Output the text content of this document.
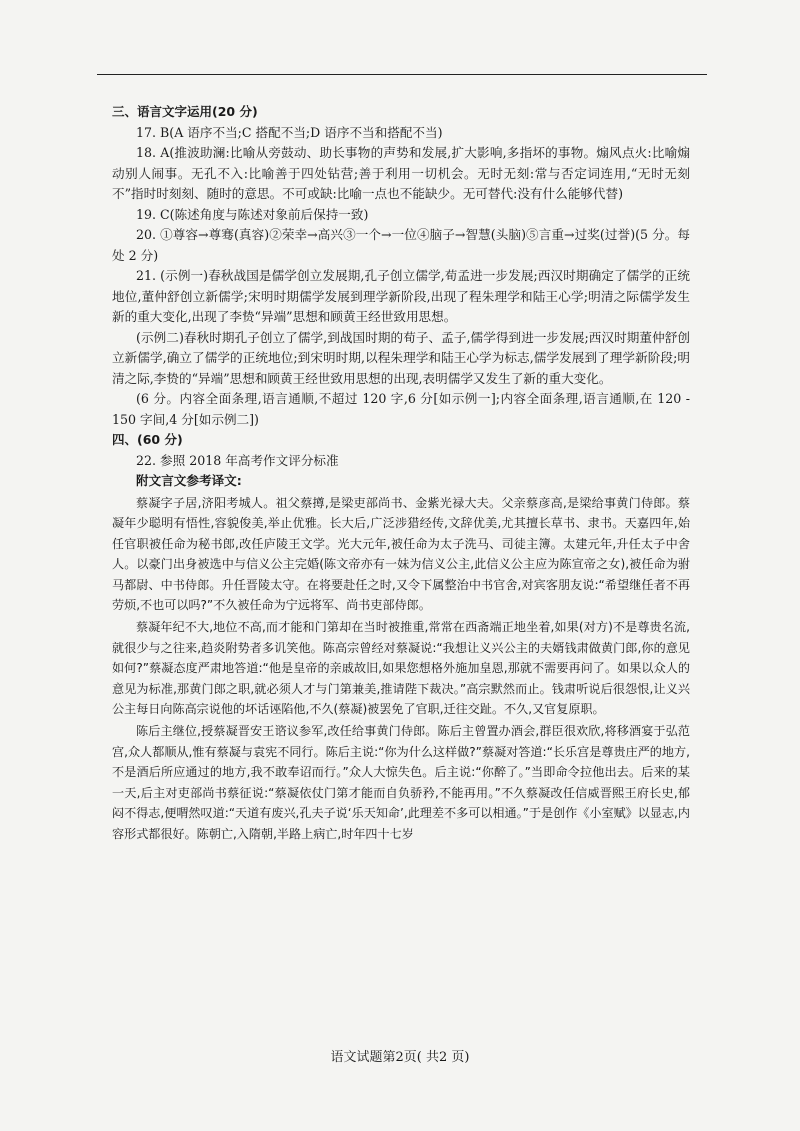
三、语言文字运用(20 分)

17. B(A 语序不当;C 搭配不当;D 语序不当和搭配不当)

18. A(推波助澜:比喻从旁鼓动、助长事物的声势和发展,扩大影响,多指坏的事物。煽风点火:比喻煽动别人闹事。无孔不入:比喻善于四处钻营;善于利用一切机会。无时无刻:常与否定词连用,“无时无刻不”指时时刻刻、随时的意思。不可或缺:比喻一点也不能缺少。无可替代:没有什么能够代替)

19. C(陈述角度与陈述对象前后保持一致)

20. ①尊容→尊骞(真容)②荣幸→高兴③一个→一位④脑子→智慧(头脑)⑤言重→过奖(过誉)(5 分。每处 2 分)

21. (示例一)春秋战国是儒学创立发展期,孔子创立儒学,荀孟进一步发展;西汉时期确定了儒学的正统地位,董仲舒创立新儒学;宋明时期儒学发展到理学新阶段,出现了程朱理学和陆王心学;明清之际儒学发生新的重大变化,出现了李贽“异端”思想和顾黄王经世致用思想。

(示例二)春秋时期孔子创立了儒学,到战国时期的荀子、孟子,儒学得到进一步发展;西汉时期董仲舒创立新儒学,确立了儒学的正统地位;到宋明时期,以程朱理学和陆王心学为标志,儒学发展到了理学新阶段;明清之际,李贽的“异端”思想和顾黄王经世致用思想的出现,表明儒学又发生了新的重大变化。

(6 分。内容全面条理,语言通顺,不超过 120 字,6 分[如示例一];内容全面条理,语言通顺,在 120 - 150 字间,4 分[如示例二])

四、(60 分)

22. 参照 2018 年高考作文评分标准

附文言文参考译文:

蔡凝字子居,济阳考城人。祖父蔡撙,是梁吏部尚书、金紫光禄大夫。父亲蔡彦高,是梁给事黄门侍郎。蔡凝年少聪明有悟性,容貌俊美,举止优雅。长大后,广泛涉猎经传,文辞优美,尤其擅长草书、隶书。天嘉四年,始任官职被任命为秘书郎,改任庐陵王文学。光大元年,被任命为太子洗马、司徒主簿。太建元年,升任太子中舍人。以豪门出身被选中与信义公主完婚(陈文帝亦有一妹为信义公主,此信义公主应为陈宣帝之女),被任命为驸马都尉、中书侍郎。升任晋陵太守。在将要赴任之时,又令下属整治中书官舍,对宾客朋友说:“希望继任者不再劳烦,不也可以吗?”不久被任命为宁远将军、尚书吏部侍郎。

蔡凝年纪不大,地位不高,而才能和门第却在当时被推重,常常在西斋端正地坐着,如果(对方)不是尊贵名流,就很少与之往来,趋炎附势者多讥笑他。陈高宗曾经对蔡凝说:“我想让义兴公主的夫婿钱肃做黄门郎,你的意见如何?”蔡凝态度严肃地答道:“他是皇帝的亲戚故旧,如果您想格外施加皇恩,那就不需要再问了。如果以众人的意见为标准,那黄门郎之职,就必须人才与门第兼美,推请陛下裁决。”高宗默然而止。钱肃听说后很怨恨,让义兴公主每日向陈高宗说他的坏话诬陷他,不久(蔡凝)被罢免了官职,迁往交趾。不久,又官复原职。

陈后主继位,授蔡凝晋安王谘议参军,改任给事黄门侍郎。陈后主曾置办酒会,群臣很欢欣,将移酒宴于弘范宫,众人都顺从,惟有蔡凝与袁宪不同行。陈后主说:“你为什么这样做?”蔡凝对答道:“长乐宫是尊贵庄严的地方,不是酒后所应通过的地方,我不敢奉诏而行。”众人大惊失色。后主说:“你醉了。”当即命令拉他出去。后来的某一天,后主对吏部尚书蔡征说:“蔡凝依仗门第才能而自负骄矜,不能再用。”不久蔡凝改任信威晋熙王府长史,郁闷不得志,便喟然叹道:“天道有废兴,孔夫子说‘乐天知命’,此理差不多可以相通。”于是创作《小室赋》以显志,内容形式都很好。陈朝亡,入隋朝,半路上病亡,时年四十七岁

语文试题第2页( 共2 页)
